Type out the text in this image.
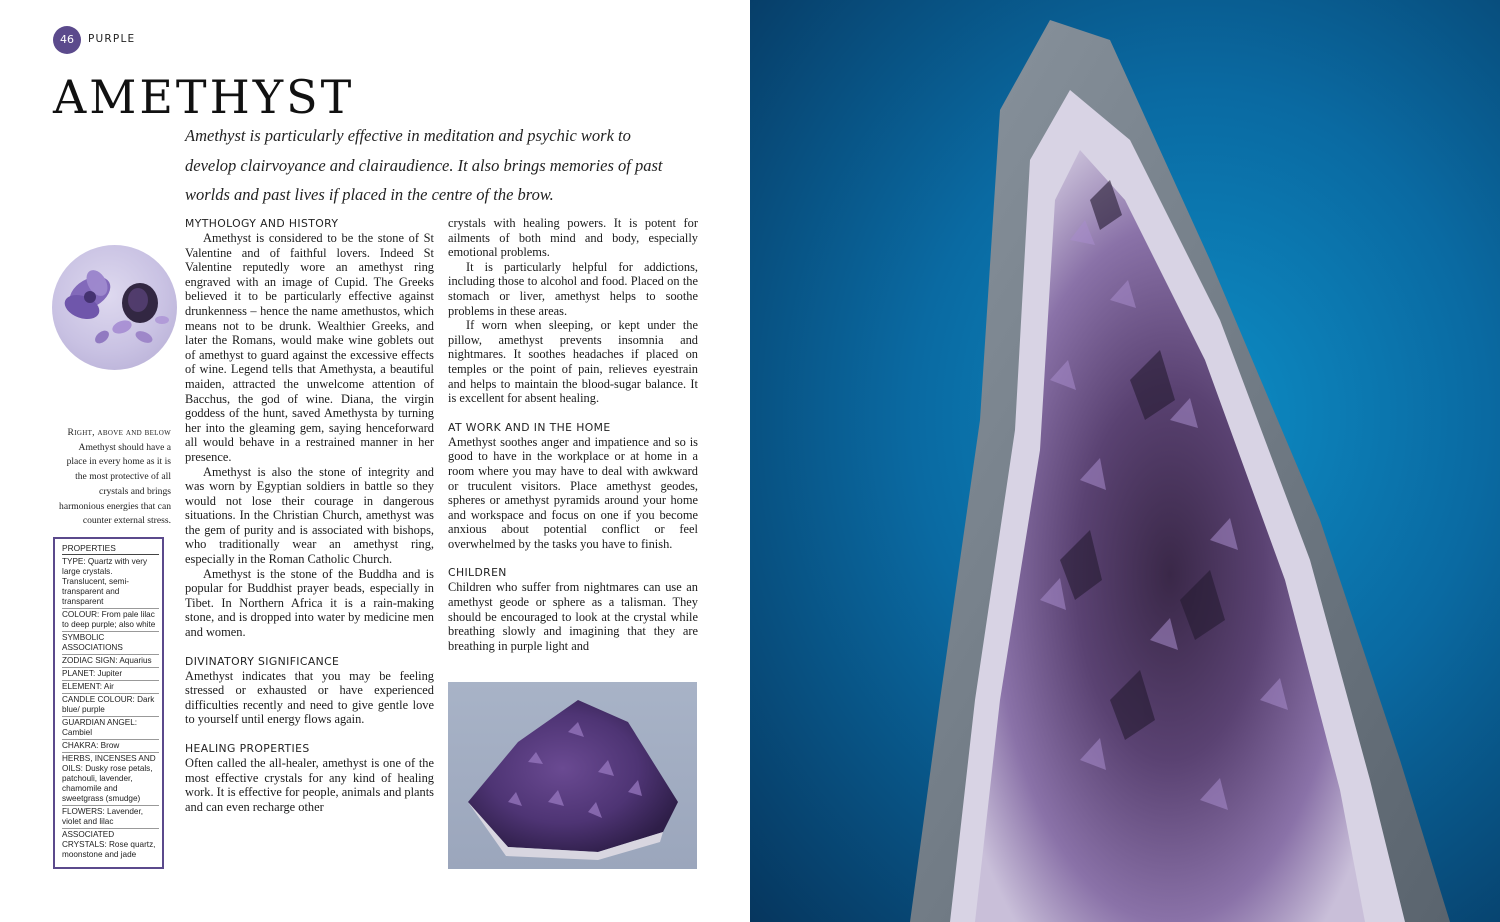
46	PURPLE
AMETHYST

Amethyst is particularly effective in meditation and psychic work to develop clairvoyance and clairaudience. It also brings memories of past worlds and past lives if placed in the centre of the brow.

Right, above and below
Amethyst should have a place in every home as it is the most protective of all crystals and brings harmonious energies that can counter external stress.
PROPERTIES
TYPE: Quartz with very large crystals. Translucent, semi-transparent and transparent
COLOUR: From pale lilac to deep purple; also white
SYMBOLIC ASSOCIATIONS
ZODIAC SIGN: Aquarius
PLANET: Jupiter
ELEMENT: Air
CANDLE COLOUR: Dark blue/ purple
GUARDIAN ANGEL: Cambiel
CHAKRA: Brow
HERBS, INCENSES AND OILS: Dusky rose petals, patchouli, lavender, chamomile and sweetgrass (smudge)
FLOWERS: Lavender, violet and lilac
ASSOCIATED CRYSTALS: Rose quartz, moonstone and jade
MYTHOLOGY AND HISTORY

Amethyst is considered to be the stone of St Valentine and of faithful lovers. Indeed St Valentine reputedly wore an amethyst ring engraved with an image of Cupid. The Greeks believed it to be particularly effective against drunkenness – hence the name amethustos, which means not to be drunk. Wealthier Greeks, and later the Romans, would make wine goblets out of amethyst to guard against the excessive effects of wine. Legend tells that Amethysta, a beautiful maiden, attracted the unwelcome attention of Bacchus, the god of wine. Diana, the virgin goddess of the hunt, saved Amethysta by turning her into the gleaming gem, saying henceforward all would behave in a restrained manner in her presence.

Amethyst is also the stone of integrity and was worn by Egyptian soldiers in battle so they would not lose their courage in dangerous situations. In the Christian Church, amethyst was the gem of purity and is associated with bishops, who traditionally wear an amethyst ring, especially in the Roman Catholic Church.

Amethyst is the stone of the Buddha and is popular for Buddhist prayer beads, especially in Tibet. In Northern Africa it is a rain-making stone, and is dropped into water by medicine men and women.

DIVINATORY SIGNIFICANCE

Amethyst indicates that you may be feeling stressed or exhausted or have experienced difficulties recently and need to give gentle love to yourself until energy flows again.

HEALING PROPERTIES

Often called the all-healer, amethyst is one of the most effective crystals for any kind of healing work. It is effective for people, animals and plants and can even recharge other

crystals with healing powers. It is potent for ailments of both mind and body, especially emotional problems.

It is particularly helpful for addictions, including those to alcohol and food. Placed on the stomach or liver, amethyst helps to soothe problems in these areas.

If worn when sleeping, or kept under the pillow, amethyst prevents insomnia and nightmares. It soothes headaches if placed on temples or the point of pain, relieves eyestrain and helps to maintain the blood-sugar balance. It is excellent for absent healing.

AT WORK AND IN THE HOME

Amethyst soothes anger and impatience and so is good to have in the workplace or at home in a room where you may have to deal with awkward or truculent visitors. Place amethyst geodes, spheres or amethyst pyramids around your home and workspace and focus on one if you become anxious about potential conflict or feel overwhelmed by the tasks you have to finish.

CHILDREN

Children who suffer from nightmares can use an amethyst geode or sphere as a talisman. They should be encouraged to look at the crystal while breathing slowly and imagining that they are breathing in purple light and
